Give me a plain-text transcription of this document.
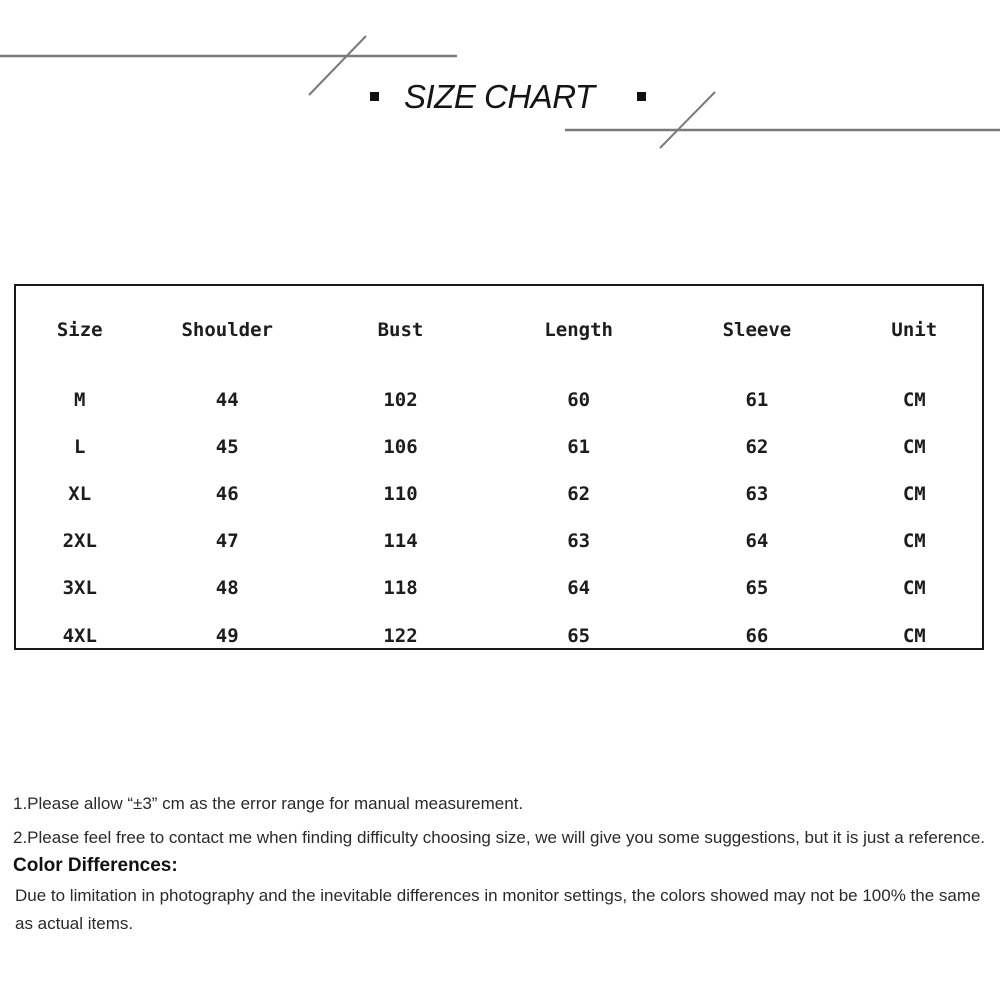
SIZE CHART
Size	Shoulder	Bust	Length	Sleeve	Unit

M	44	102	60	61	CM
L	45	106	61	62	CM
XL	46	110	62	63	CM
2XL	47	114	63	64	CM
3XL	48	118	64	65	CM
4XL	49	122	65	66	CM

1.Please allow “±3” cm as the error range for manual measurement.

2.Please feel free to contact me when finding difficulty choosing size, we will give you some suggestions, but it is just a reference.

Color Differences:

Due to limitation in photography and the inevitable differences in monitor settings, the colors showed may not be 100% the same as actual items.
